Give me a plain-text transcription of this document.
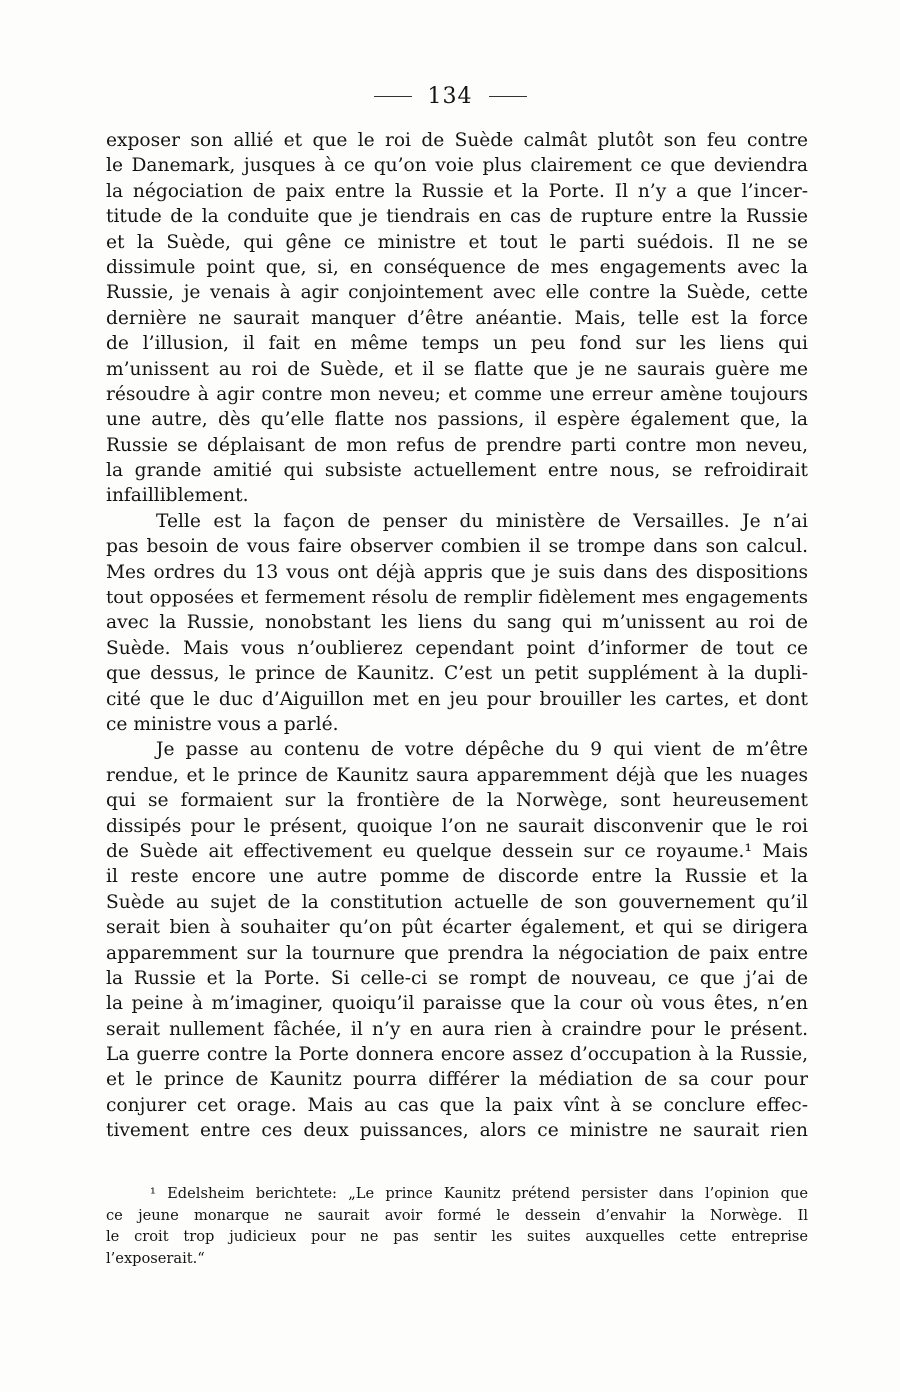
134
exposer son allié et que le roi de Suède calmât plutôt son feu contre
le Danemark, jusques à ce qu’on voie plus clairement ce que deviendra
la négociation de paix entre la Russie et la Porte. Il n’y a que l’incer-
titude de la conduite que je tiendrais en cas de rupture entre la Russie
et la Suède, qui gêne ce ministre et tout le parti suédois. Il ne se
dissimule point que, si, en conséquence de mes engagements avec la
Russie, je venais à agir conjointement avec elle contre la Suède, cette
dernière ne saurait manquer d’être anéantie. Mais, telle est la force
de l’illusion, il fait en même temps un peu fond sur les liens qui
m’unissent au roi de Suède, et il se flatte que je ne saurais guère me
résoudre à agir contre mon neveu; et comme une erreur amène toujours
une autre, dès qu’elle flatte nos passions, il espère également que, la
Russie se déplaisant de mon refus de prendre parti contre mon neveu,
la grande amitié qui subsiste actuellement entre nous, se refroidirait
infailliblement.
Telle est la façon de penser du ministère de Versailles. Je n’ai
pas besoin de vous faire observer combien il se trompe dans son calcul.
Mes ordres du 13 vous ont déjà appris que je suis dans des dispositions
tout opposées et fermement résolu de remplir fidèlement mes engagements
avec la Russie, nonobstant les liens du sang qui m’unissent au roi de
Suède. Mais vous n’oublierez cependant point d’informer de tout ce
que dessus, le prince de Kaunitz. C’est un petit supplément à la dupli-
cité que le duc d’Aiguillon met en jeu pour brouiller les cartes, et dont
ce ministre vous a parlé.
Je passe au contenu de votre dépêche du 9 qui vient de m’être
rendue, et le prince de Kaunitz saura apparemment déjà que les nuages
qui se formaient sur la frontière de la Norwège, sont heureusement
dissipés pour le présent, quoique l’on ne saurait disconvenir que le roi
de Suède ait effectivement eu quelque dessein sur ce royaume.¹ Mais
il reste encore une autre pomme de discorde entre la Russie et la
Suède au sujet de la constitution actuelle de son gouvernement qu’il
serait bien à souhaiter qu’on pût écarter également, et qui se dirigera
apparemment sur la tournure que prendra la négociation de paix entre
la Russie et la Porte. Si celle-ci se rompt de nouveau, ce que j’ai de
la peine à m’imaginer, quoiqu’il paraisse que la cour où vous êtes, n’en
serait nullement fâchée, il n’y en aura rien à craindre pour le présent.
La guerre contre la Porte donnera encore assez d’occupation à la Russie,
et le prince de Kaunitz pourra différer la médiation de sa cour pour
conjurer cet orage. Mais au cas que la paix vînt à se conclure effec-
tivement entre ces deux puissances, alors ce ministre ne saurait rien
¹ Edelsheim berichtete: „Le prince Kaunitz prétend persister dans l’opinion que
ce jeune monarque ne saurait avoir formé le dessein d’envahir la Norwège. Il
le croit trop judicieux pour ne pas sentir les suites auxquelles cette entreprise
l’exposerait.“
